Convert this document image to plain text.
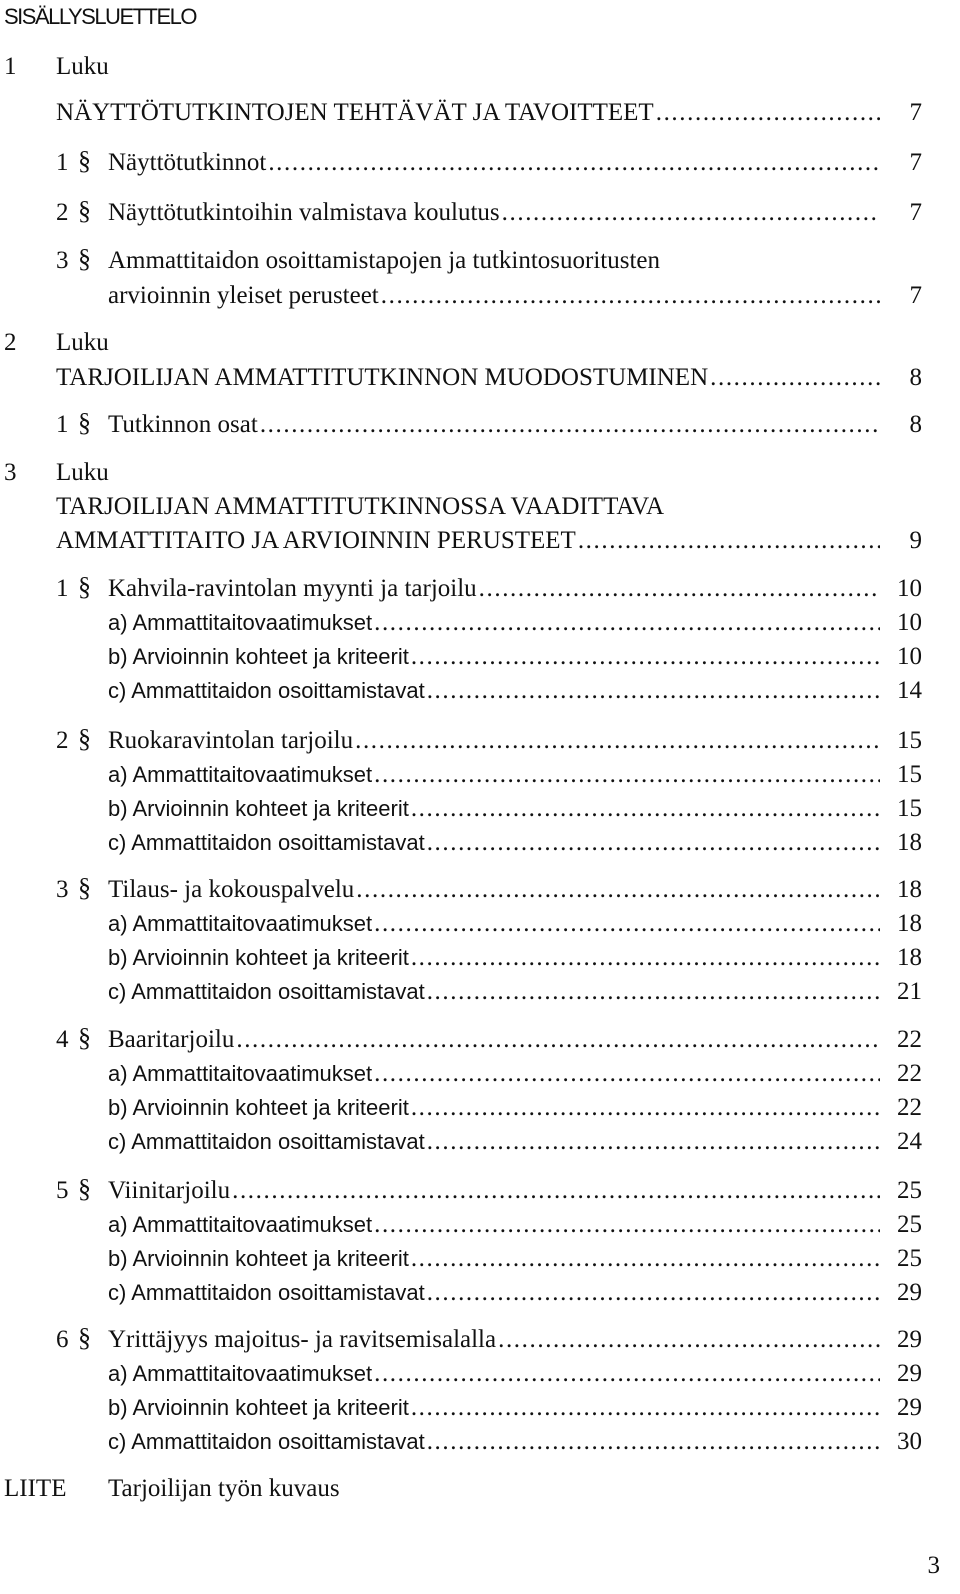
SISÄLLYSLUETTELO
1 Luku
NÄYTTÖTUTKINTOJEN TEHTÄVÄT JA TAVOITTEET .....	7
1 § Näyttötutkinnot .....	7
2 § Näyttötutkintoihin valmistava koulutus .....	7
3 § Ammattitaidon osoittamistapojen ja tutkintosuoritusten
arvioinnin yleiset perusteet .....	7
2 Luku
TARJOILIJAN AMMATTITUTKINNON MUODOSTUMINEN .....	8
1 § Tutkinnon osat .....	8
3 Luku
TARJOILIJAN AMMATTITUTKINNOSSA VAADITTAVA
AMMATTITAITO JA ARVIOINNIN PERUSTEET .....	9
1 § Kahvila-ravintolan myynti ja tarjoilu .....	10
a) Ammattitaitovaatimukset .....	10
b) Arvioinnin kohteet ja kriteerit .....	10
c) Ammattitaidon osoittamistavat .....	14
2 § Ruokaravintolan tarjoilu .....	15
a) Ammattitaitovaatimukset .....	15
b) Arvioinnin kohteet ja kriteerit .....	15
c) Ammattitaidon osoittamistavat .....	18
3 § Tilaus- ja kokouspalvelu .....	18
a) Ammattitaitovaatimukset .....	18
b) Arvioinnin kohteet ja kriteerit .....	18
c) Ammattitaidon osoittamistavat .....	21
4 § Baaritarjoilu .....	22
a) Ammattitaitovaatimukset .....	22
b) Arvioinnin kohteet ja kriteerit .....	22
c) Ammattitaidon osoittamistavat .....	24
5 § Viinitarjoilu .....	25
a) Ammattitaitovaatimukset .....	25
b) Arvioinnin kohteet ja kriteerit .....	25
c) Ammattitaidon osoittamistavat .....	29
6 § Yrittäjyys majoitus- ja ravitsemisalalla .....	29
a) Ammattitaitovaatimukset .....	29
b) Arvioinnin kohteet ja kriteerit .....	29
c) Ammattitaidon osoittamistavat .....	30
LIITE Tarjoilijan työn kuvaus
3
